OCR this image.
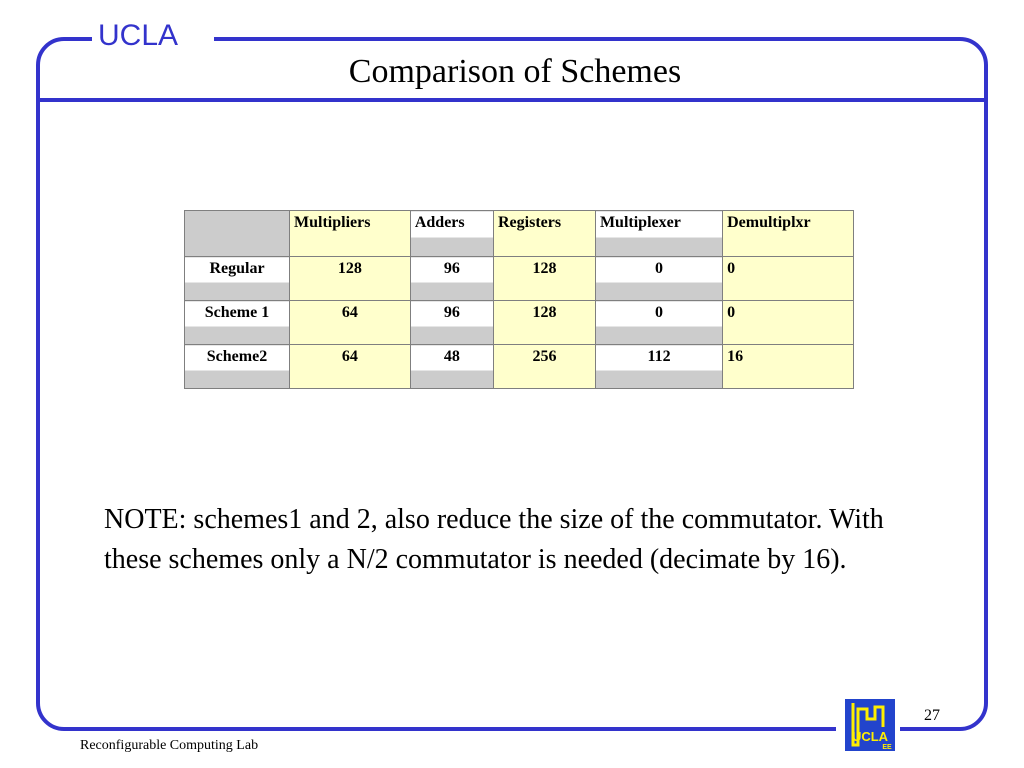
UCLA
Comparison of Schemes
	Multipliers	Adders	Registers	Multiplexer	Demultiplxr
Regular	128	96	128	0	0
Scheme 1	64	96	128	0	0
Scheme2	64	48	256	112	16
NOTE: schemes1 and 2, also reduce the size of the commutator. With these schemes only a N/2 commutator is needed (decimate by 16).
Reconfigurable Computing Lab
27
UCLA
EE
